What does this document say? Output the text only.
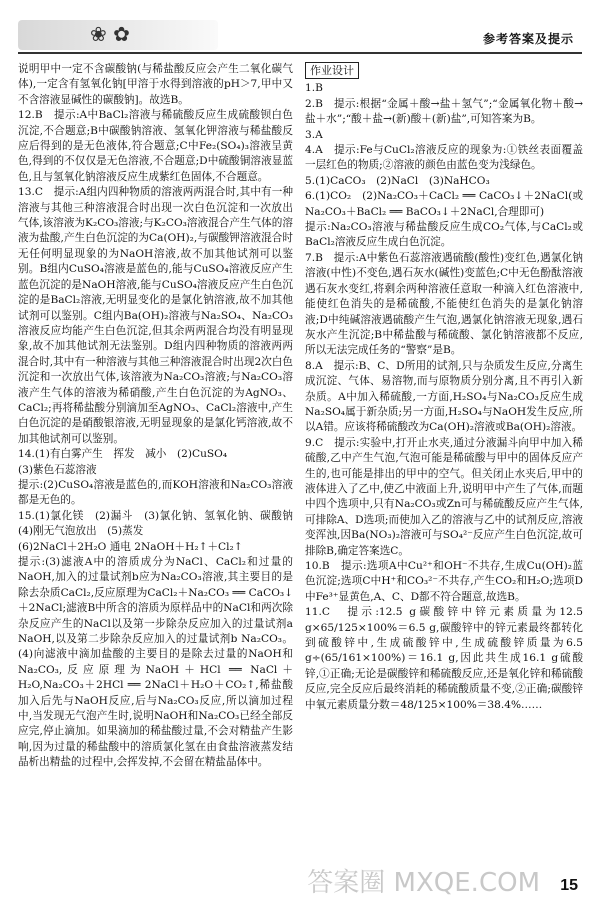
❀ ✿	参考答案及提示

说明甲中一定不含碳酸钠(与稀盐酸反应会产生二氧化碳气体),一定含有氢氧化钠[甲溶于水得到溶液的pH＞7,甲中又不含溶液显碱性的碳酸钠]。故选B。

12.B　提示:A中BaCl₂溶液与稀硫酸反应生成硫酸钡白色沉淀,不合题意;B中碳酸钠溶液、氢氧化钾溶液与稀盐酸反应后得到的是无色液体,符合题意;C中Fe₂(SO₄)₃溶液呈黄色,得到的不仅仅是无色溶液,不合题意;D中硫酸铜溶液显蓝色,且与氢氧化钠溶液反应生成紫红色固体,不合题意。

13.C　提示:A组内四种物质的溶液两两混合时,其中有一种溶液与其他三种溶液混合时出现一次白色沉淀和一次放出气体,该溶液为K₂CO₃溶液;与K₂CO₃溶液混合产生气体的溶液为盐酸,产生白色沉淀的为Ca(OH)₂,与碳酸钾溶液混合时无任何明显现象的为NaOH溶液,故不加其他试剂可以鉴别。B组内CuSO₄溶液是蓝色的,能与CuSO₄溶液反应产生蓝色沉淀的是NaOH溶液,能与CuSO₄溶液反应产生白色沉淀的是BaCl₂溶液,无明显变化的是氯化钠溶液,故不加其他试剂可以鉴别。C组内Ba(OH)₂溶液与Na₂SO₄、Na₂CO₃溶液反应均能产生白色沉淀,但其余两两混合均没有明显现象,故不加其他试剂无法鉴别。D组内四种物质的溶液两两混合时,其中有一种溶液与其他三种溶液混合时出现2次白色沉淀和一次放出气体,该溶液为Na₂CO₃溶液;与Na₂CO₃溶液产生气体的溶液为稀硝酸,产生白色沉淀的为AgNO₃、CaCl₂;再将稀盐酸分别滴加至AgNO₃、CaCl₂溶液中,产生白色沉淀的是硝酸银溶液,无明显现象的是氯化钙溶液,故不加其他试剂可以鉴别。

14.(1)有白雾产生　挥发　减小　(2)CuSO₄

(3)紫色石蕊溶液

提示:(2)CuSO₄溶液是蓝色的,而KOH溶液和Na₂CO₃溶液都是无色的。

15.(1)氯化镁　(2)漏斗　(3)氯化钠、氢氧化钠、碳酸钠　(4)刚无气泡放出　(5)蒸发

(6)2NaCl＋2H₂O 通电 2NaOH＋H₂↑＋Cl₂↑

提示:(3)滤液A中的溶质成分为NaCl、CaCl₂和过量的NaOH,加入的过量试剂b应为Na₂CO₃溶液,其主要目的是除去杂质CaCl₂,反应原理为CaCl₂＋Na₂CO₃ ══ CaCO₃↓＋2NaCl;滤液B中所含的溶质为原样品中的NaCl和两次除杂反应产生的NaCl以及第一步除杂反应加入的过量试剂a NaOH,以及第二步除杂反应加入的过量试剂b Na₂CO₃。(4)向滤液中滴加盐酸的主要目的是除去过量的NaOH和Na₂CO₃,反应原理为NaOH＋HCl ══ NaCl＋H₂O,Na₂CO₃＋2HCl ══ 2NaCl＋H₂O＋CO₂↑,稀盐酸加入后先与NaOH反应,后与Na₂CO₃反应,所以滴加过程中,当发现无气泡产生时,说明NaOH和Na₂CO₃已经全部反应完,停止滴加。如果滴加的稀盐酸过量,不会对精盐产生影响,因为过量的稀盐酸中的溶质氯化氢在由食盐溶液蒸发结晶析出精盐的过程中,会挥发掉,不会留在精盐晶体中。

作业设计

1.B

2.B　提示:根据“金属＋酸→盐＋氢气”;“金属氧化物＋酸→盐＋水”;“酸＋盐→(新)酸＋(新)盐”,可知答案为B。

3.A

4.A　提示:Fe与CuCl₂溶液反应的现象为:①铁丝表面覆盖一层红色的物质;②溶液的颜色由蓝色变为浅绿色。

5.(1)CaCO₃　(2)NaCl　(3)NaHCO₃

6.(1)CO₂　(2)Na₂CO₃＋CaCl₂ ══ CaCO₃↓＋2NaCl(或Na₂CO₃＋BaCl₂ ══ BaCO₃↓＋2NaCl,合理即可)

提示:Na₂CO₃溶液与稀盐酸反应生成CO₂气体,与CaCl₂或BaCl₂溶液反应生成白色沉淀。

7.B　提示:A中紫色石蕊溶液遇硫酸(酸性)变红色,遇氯化钠溶液(中性)不变色,遇石灰水(碱性)变蓝色;C中无色酚酞溶液遇石灰水变红,将剩余两种溶液任意取一种滴入红色溶液中,能使红色消失的是稀硫酸,不能使红色消失的是氯化钠溶液;D中纯碱溶液遇硫酸产生气泡,遇氯化钠溶液无现象,遇石灰水产生沉淀;B中稀盐酸与稀硫酸、氯化钠溶液都不反应,所以无法完成任务的“警察”是B。

8.A　提示:B、C、D所用的试剂,只与杂质发生反应,分离生成沉淀、气体、易溶物,而与原物质分别分离,且不再引入新杂质。A中加入稀硫酸,一方面,H₂SO₄与Na₂CO₃反应生成Na₂SO₄属于新杂质;另一方面,H₂SO₄与NaOH发生反应,所以A错。应该将稀硫酸改为Ca(OH)₂溶液或Ba(OH)₂溶液。

9.C　提示:实验中,打开止水夹,通过分液漏斗向甲中加入稀硫酸,乙中产生气泡,气泡可能是稀硫酸与甲中的固体反应产生的,也可能是排出的甲中的空气。但关闭止水夹后,甲中的液体进入了乙中,使乙中液面上升,说明甲中产生了气体,而题中四个选项中,只有Na₂CO₃或Zn可与稀硫酸反应产生气体,可排除A、D选项;而使加入乙的溶液与乙中的试剂反应,溶液变浑浊,因Ba(NO₃)₂溶液可与SO₄²⁻反应产生白色沉淀,故可排除B,确定答案选C。

10.B　提示:选项A中Cu²⁺和OH⁻不共存,生成Cu(OH)₂蓝色沉淀;选项C中H⁺和CO₃²⁻不共存,产生CO₂和H₂O;选项D中Fe³⁺显黄色,A、C、D都不符合题意,故选B。

11.C　提示:12.5 g碳酸锌中锌元素质量为12.5 g×65/125×100%＝6.5 g,碳酸锌中的锌元素最终都转化到硫酸锌中,生成硫酸锌中,生成硫酸锌质量为6.5 g÷(65/161×100%)＝16.1 g,因此共生成16.1 g硫酸锌,①正确;无论是碳酸锌和稀硫酸反应,还是氧化锌和稀硫酸反应,完全反应后最终消耗的稀硫酸质量不变,②正确;碳酸锌中氧元素质量分数＝48/125×100%＝38.4%……

答案圈 MXQE.COM 15
